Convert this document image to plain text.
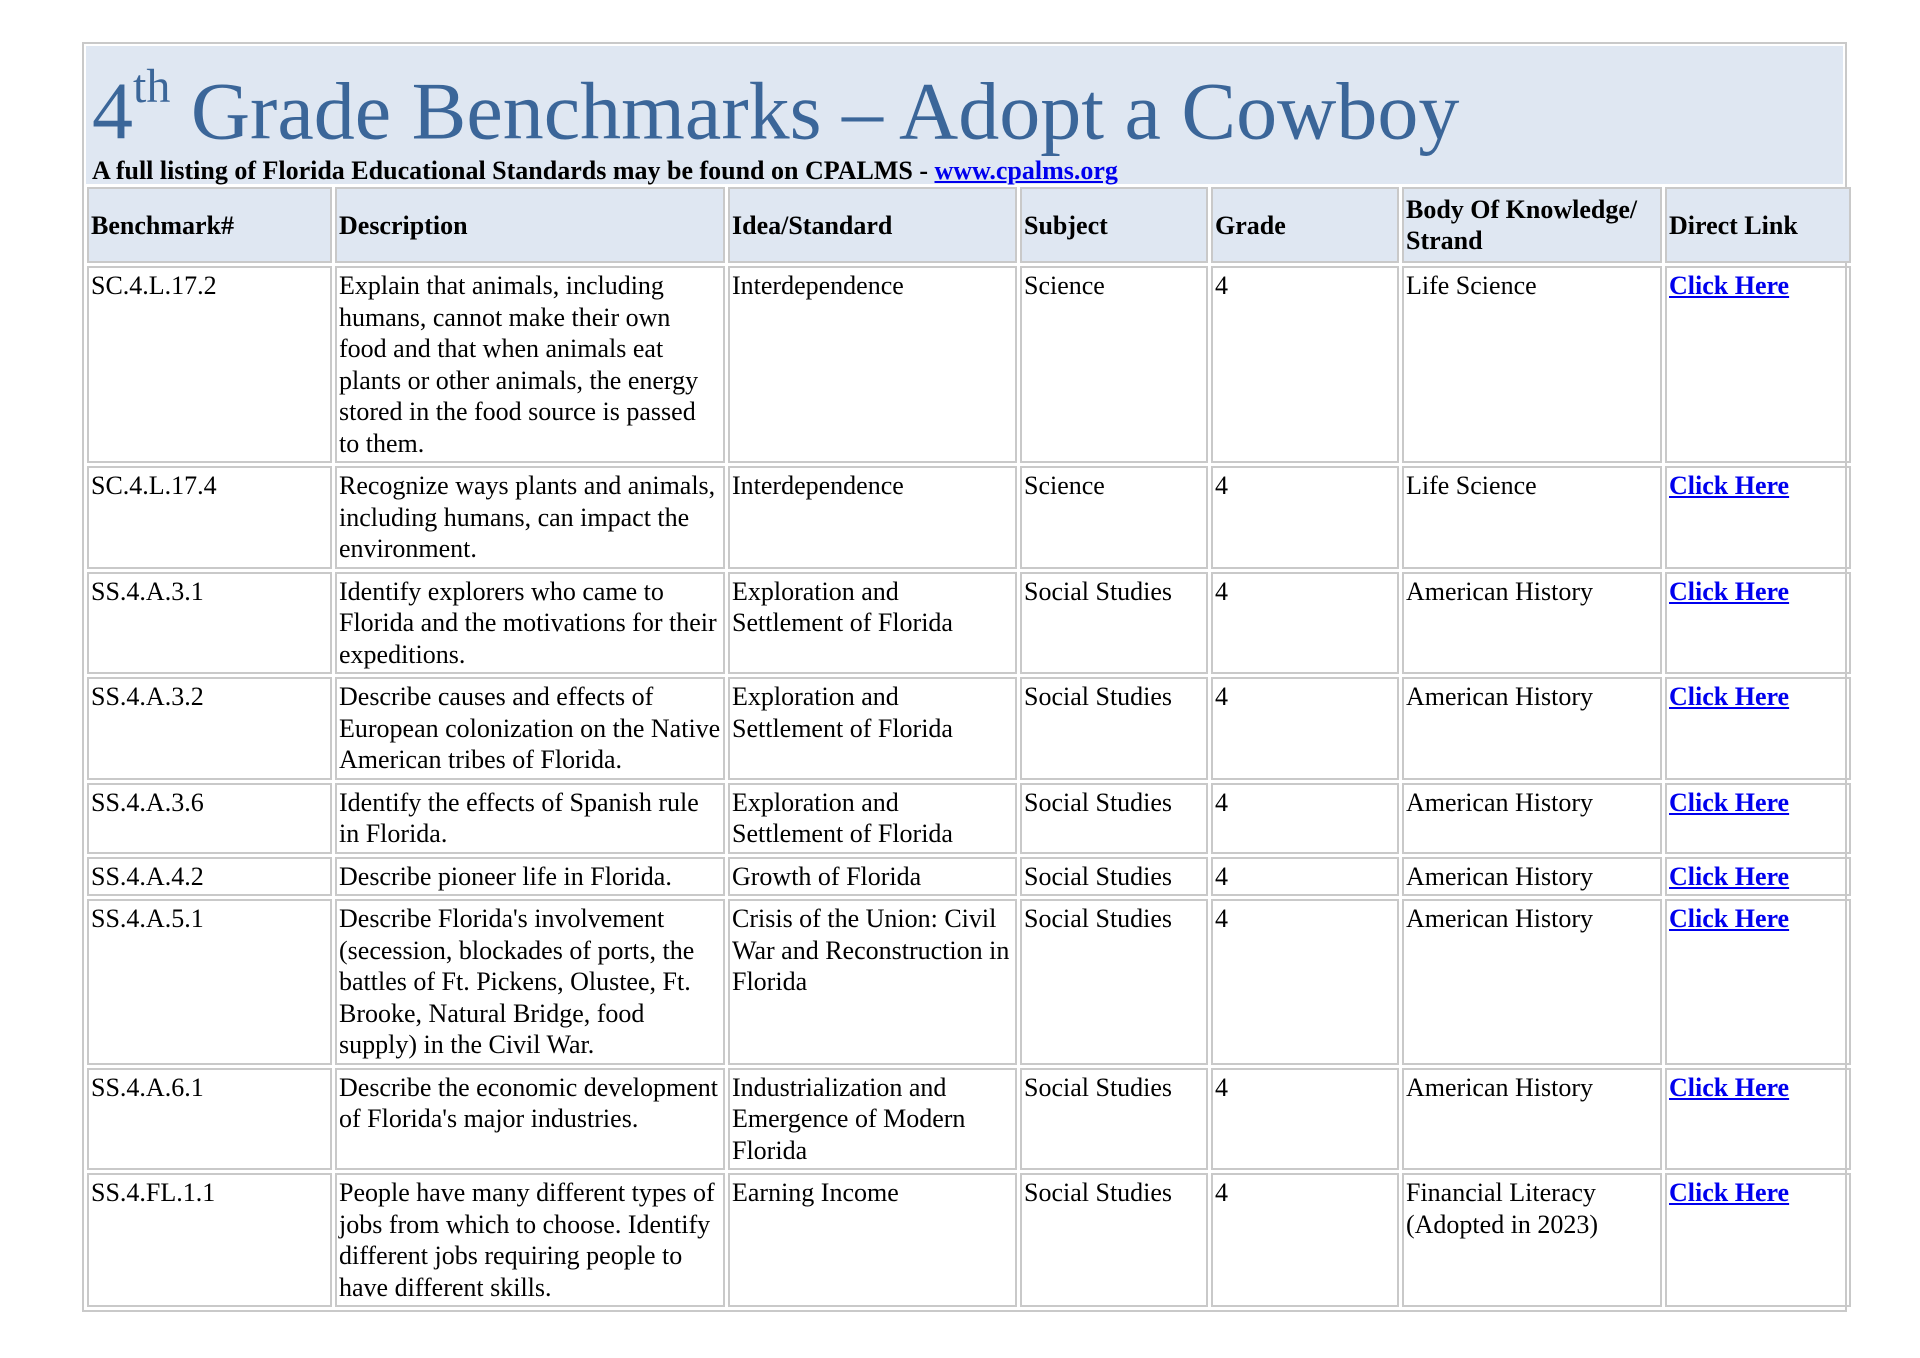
4th Grade Benchmarks – Adopt a Cowboy
A full listing of Florida Educational Standards may be found on CPALMS - www.cpalms.org
Benchmark#	Description	Idea/Standard	Subject	Grade	Body Of Knowledge/ Strand	Direct Link
SC.4.L.17.2	Explain that animals, including humans, cannot make their own food and that when animals eat plants or other animals, the energy stored in the food source is passed to them.	Interdependence	Science	4	Life Science	Click Here
SC.4.L.17.4	Recognize ways plants and animals, including humans, can impact the environment.	Interdependence	Science	4	Life Science	Click Here
SS.4.A.3.1	Identify explorers who came to Florida and the motivations for their expeditions.	Exploration and Settlement of Florida	Social Studies	4	American History	Click Here
SS.4.A.3.2	Describe causes and effects of European colonization on the Native American tribes of Florida.	Exploration and Settlement of Florida	Social Studies	4	American History	Click Here
SS.4.A.3.6	Identify the effects of Spanish rule in Florida.	Exploration and Settlement of Florida	Social Studies	4	American History	Click Here
SS.4.A.4.2	Describe pioneer life in Florida.	Growth of Florida	Social Studies	4	American History	Click Here
SS.4.A.5.1	Describe Florida's involvement (secession, blockades of ports, the battles of Ft. Pickens, Olustee, Ft. Brooke, Natural Bridge, food supply) in the Civil War.	Crisis of the Union: Civil War and Reconstruction in Florida	Social Studies	4	American History	Click Here
SS.4.A.6.1	Describe the economic development of Florida's major industries.	Industrialization and Emergence of Modern Florida	Social Studies	4	American History	Click Here
SS.4.FL.1.1	People have many different types of jobs from which to choose. Identify different jobs requiring people to have different skills.	Earning Income	Social Studies	4	Financial Literacy (Adopted in 2023)	Click Here
